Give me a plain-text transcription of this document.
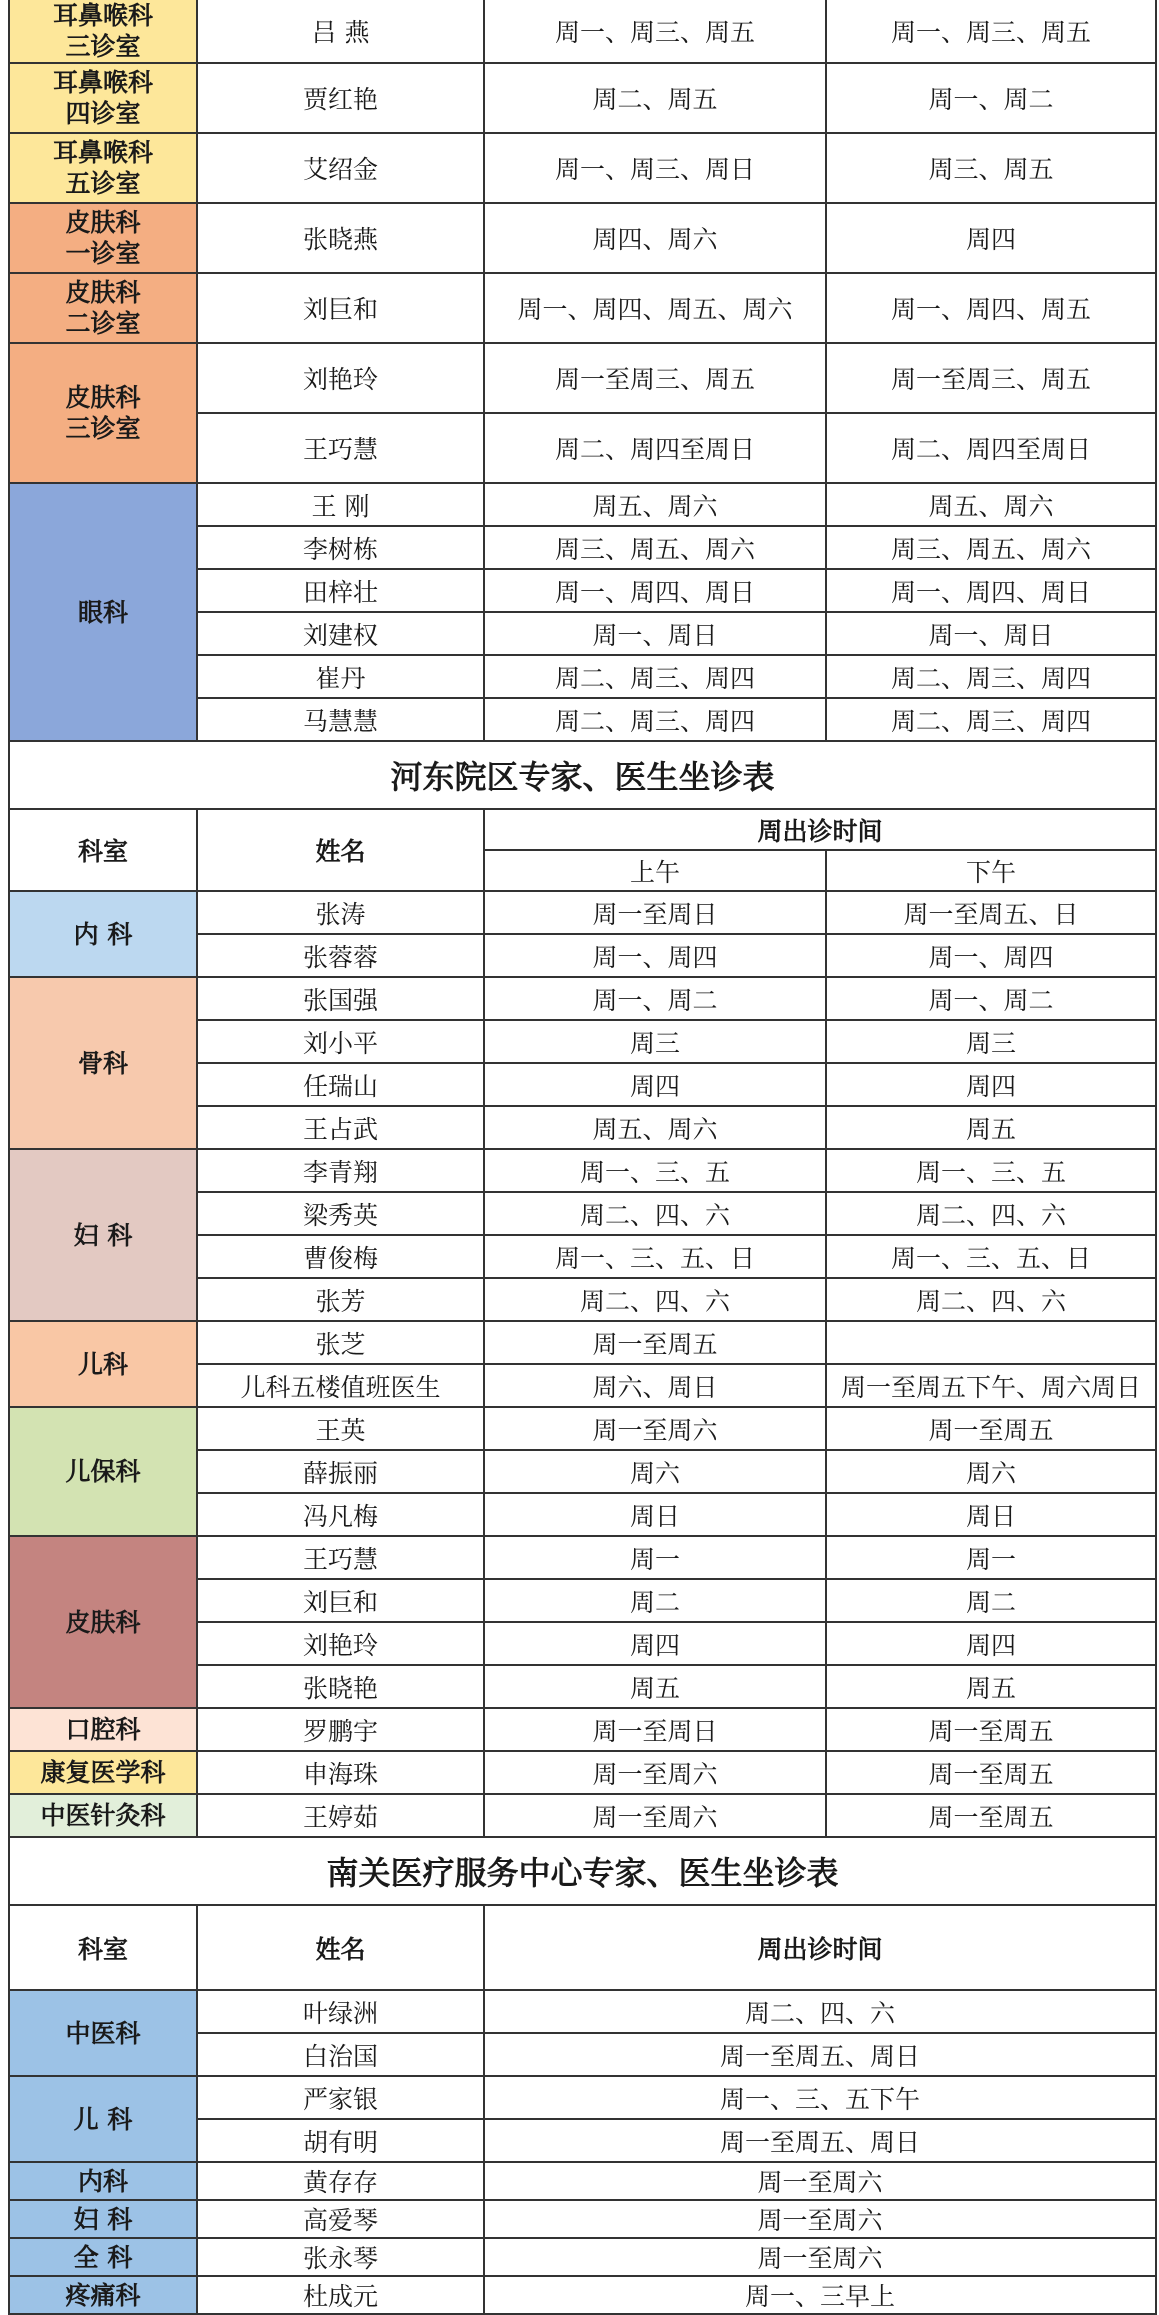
耳鼻喉科
三诊室	吕 燕	周一、周三、周五	周一、周三、周五
耳鼻喉科
四诊室	贾红艳	周二、周五	周一、周二
耳鼻喉科
五诊室	艾绍金	周一、周三、周日	周三、周五
皮肤科
一诊室	张晓燕	周四、周六	周四
皮肤科
二诊室	刘巨和	周一、周四、周五、周六	周一、周四、周五
皮肤科
三诊室	刘艳玲	周一至周三、周五	周一至周三、周五
	王巧慧	周二、周四至周日	周二、周四至周日
眼科	王 刚	周五、周六	周五、周六
	李树栋	周三、周五、周六	周三、周五、周六
	田梓壮	周一、周四、周日	周一、周四、周日
	刘建权	周一、周日	周一、周日
	崔丹	周二、周三、周四	周二、周三、周四
	马慧慧	周二、周三、周四	周二、周三、周四
河东院区专家、医生坐诊表			
科室	姓名	周出诊时间	
		上午	下午
内 科	张涛	周一至周日	周一至周五、日
	张蓉蓉	周一、周四	周一、周四
骨科	张国强	周一、周二	周一、周二
	刘小平	周三	周三
	任瑞山	周四	周四
	王占武	周五、周六	周五
妇 科	李青翔	周一、三、五	周一、三、五
	梁秀英	周二、四、六	周二、四、六
	曹俊梅	周一、三、五、日	周一、三、五、日
	张芳	周二、四、六	周二、四、六
儿科	张芝	周一至周五	
	儿科五楼值班医生	周六、周日	周一至周五下午、周六周日
儿保科	王英	周一至周六	周一至周五
	薛振丽	周六	周六
	冯凡梅	周日	周日
皮肤科	王巧慧	周一	周一
	刘巨和	周二	周二
	刘艳玲	周四	周四
	张晓艳	周五	周五
口腔科	罗鹏宇	周一至周日	周一至周五
康复医学科	申海珠	周一至周六	周一至周五
中医针灸科	王婷茹	周一至周六	周一至周五
南关医疗服务中心专家、医生坐诊表			
科室	姓名	周出诊时间	
中医科	叶绿洲	周二、四、六	
	白治国	周一至周五、周日	
儿 科	严家银	周一、三、五下午	
	胡有明	周一至周五、周日	
内科	黄存存	周一至周六	
妇 科	高爱琴	周一至周六	
全 科	张永琴	周一至周六	
疼痛科	杜成元	周一、三早上	
